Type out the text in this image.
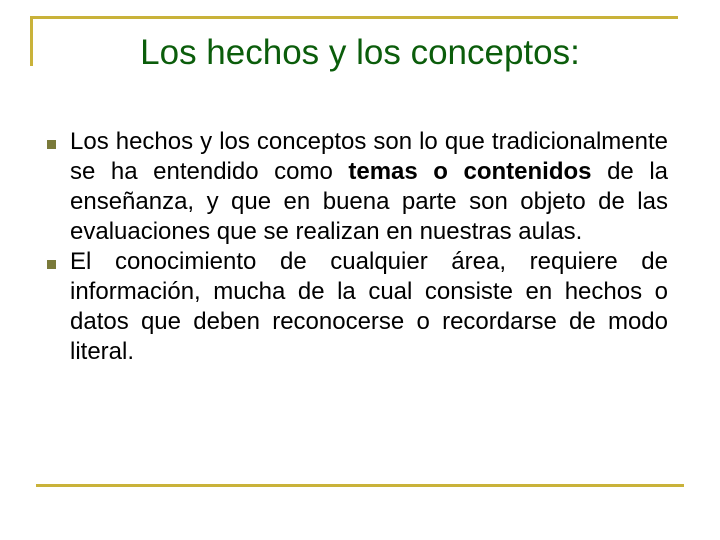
Los hechos y los conceptos:
Los hechos y los conceptos son lo que tradicionalmente se ha entendido como temas o contenidos de la enseñanza, y que en buena parte son objeto de las evaluaciones que se realizan en nuestras aulas.
El conocimiento de cualquier área, requiere de información, mucha de la cual consiste en hechos o datos que deben reconocerse o recordarse de modo literal.
